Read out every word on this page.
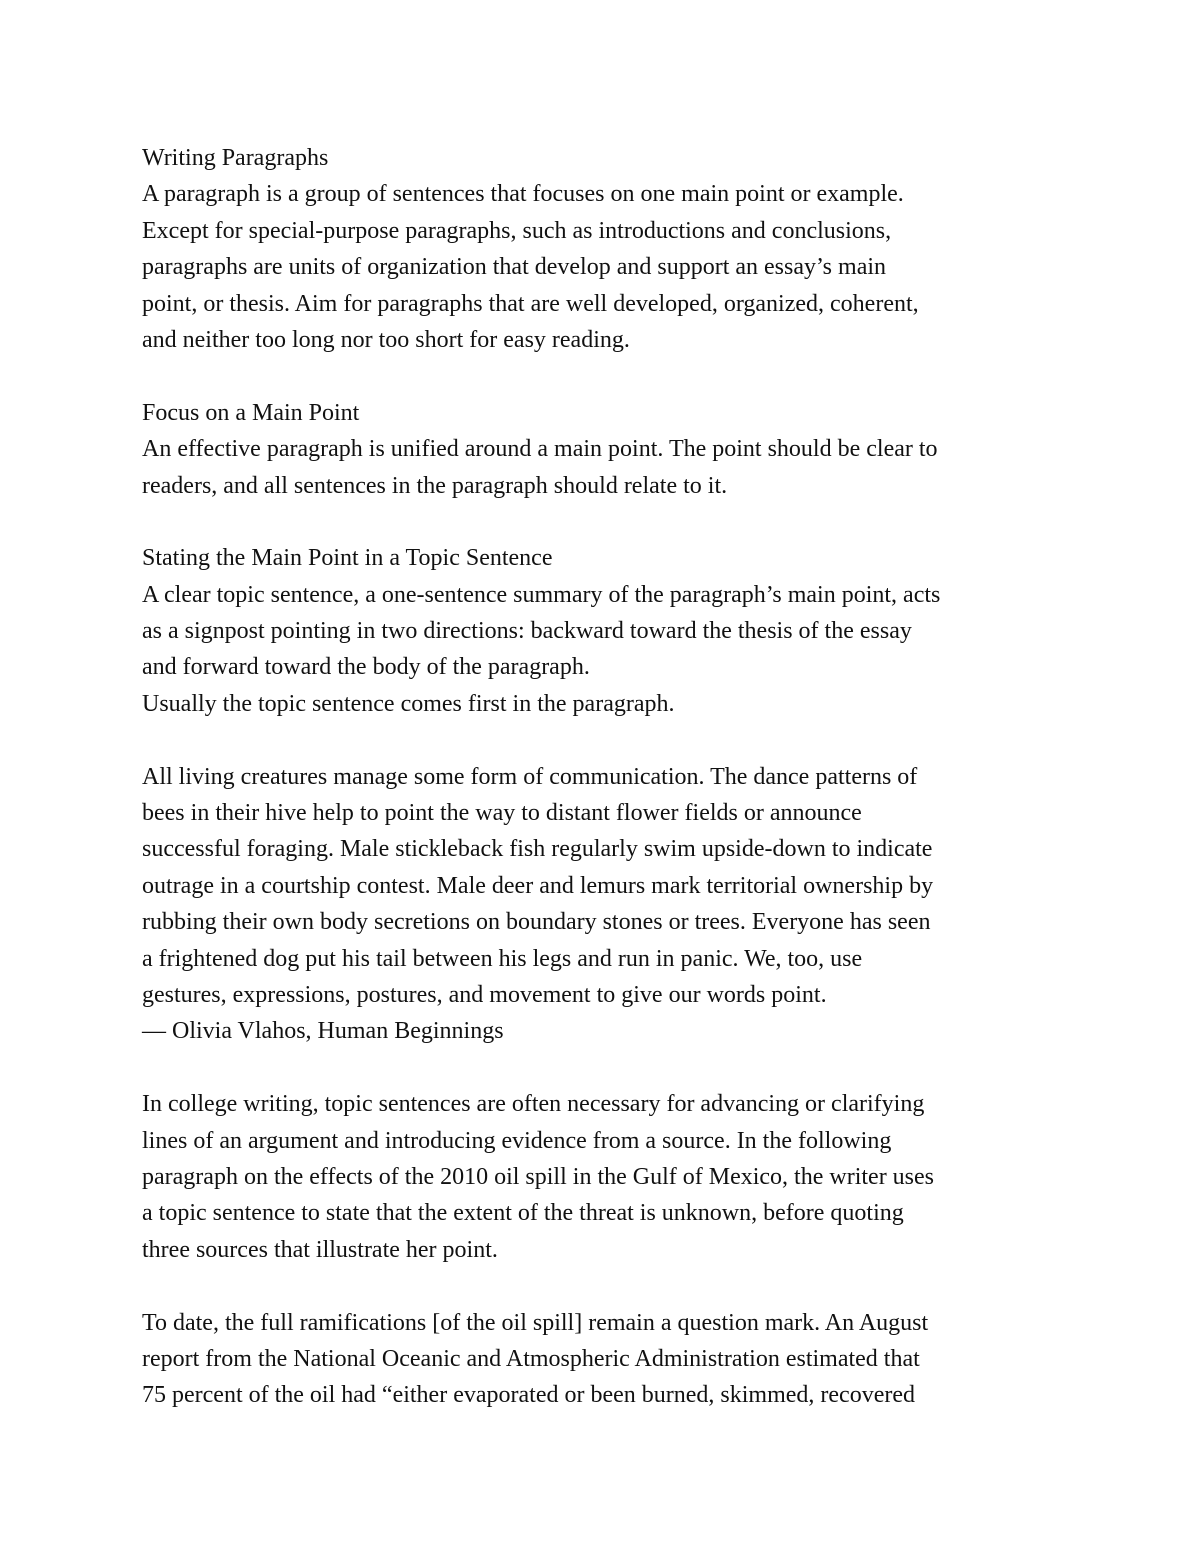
Writing Paragraphs
A paragraph is a group of sentences that focuses on one main point or example.
Except for special-purpose paragraphs, such as introductions and conclusions,
paragraphs are units of organization that develop and support an essay’s main
point, or thesis. Aim for paragraphs that are well developed, organized, coherent,
and neither too long nor too short for easy reading.
Focus on a Main Point
An effective paragraph is unified around a main point. The point should be clear to
readers, and all sentences in the paragraph should relate to it.
Stating the Main Point in a Topic Sentence
A clear topic sentence, a one-sentence summary of the paragraph’s main point, acts
as a signpost pointing in two directions: backward toward the thesis of the essay
and forward toward the body of the paragraph.
Usually the topic sentence comes first in the paragraph.
All living creatures manage some form of communication. The dance patterns of
bees in their hive help to point the way to distant flower fields or announce
successful foraging. Male stickleback fish regularly swim upside-down to indicate
outrage in a courtship contest. Male deer and lemurs mark territorial ownership by
rubbing their own body secretions on boundary stones or trees. Everyone has seen
a frightened dog put his tail between his legs and run in panic. We, too, use
gestures, expressions, postures, and movement to give our words point.
— Olivia Vlahos, Human Beginnings
In college writing, topic sentences are often necessary for advancing or clarifying
lines of an argument and introducing evidence from a source. In the following
paragraph on the effects of the 2010 oil spill in the Gulf of Mexico, the writer uses
a topic sentence to state that the extent of the threat is unknown, before quoting
three sources that illustrate her point.
To date, the full ramifications [of the oil spill] remain a question mark. An August
report from the National Oceanic and Atmospheric Administration estimated that
75 percent of the oil had “either evaporated or been burned, skimmed, recovered
